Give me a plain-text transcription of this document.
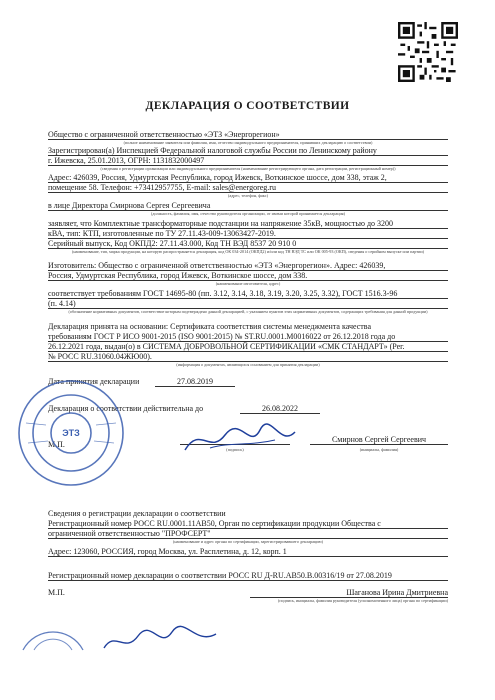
ДЕКЛАРАЦИЯ О СООТВЕТСТВИИ
Общество с ограниченной ответственностью «ЭТЗ «Энергорегион»
(полное наименование заявителя или фамилия, имя, отчество индивидуального предпринимателя, принявших декларацию о соответствии)
Зарегистрирован(а) Инспекцией Федеральной налоговой службы России по Ленинскому району
г. Ижевска, 25.01.2013, ОГРН: 1131832000497
(сведения о регистрации организации или индивидуального предпринимателя (наименование регистрирующего органа, дата регистрации, регистрационный номер))
Адрес: 426039, Россия, Удмуртская Республика, город Ижевск, Воткинское шоссе, дом 338, этаж 2,
помещение 58. Телефон: +73412957755, E-mail: sales@energoreg.ru
(адрес, телефон, факс)
в лице Директора Смирнова Сергея Сергеевича
(должность, фамилия, имя, отчество руководителя организации, от имени которой принимается декларация)
заявляет, что Комплектные трансформаторные подстанции на напряжение 35кВ, мощностью до 3200
кВА, тип: КТП, изготовленные по ТУ 27.11.43-009-13063427-2019.
Серийный выпуск, Код ОКПД2: 27.11.43.000, Код ТН ВЭД 8537 20 910 0
(наименование, тип, марка продукции, на которую распространяется декларация, код ОК 034-2014 (ОКПД2) и/или код ТН ВЭД ТС или ОК 005-93 (ОКП), сведения о серийном выпуске или партии)
Изготовитель: Общество с ограниченной ответственностью «ЭТЗ «Энергорегион». Адрес: 426039,
Россия, Удмуртская Республика, город Ижевск, Воткинское шоссе, дом 338.
(наименование изготовителя, адрес)
соответствует требованиям ГОСТ 14695-80 (пп. 3.12, 3.14, 3.18, 3.19, 3.20, 3.25, 3.32), ГОСТ 1516.3-96
(п. 4.14)
(обозначение нормативных документов, соответствие которым подтверждено данной декларацией, с указанием пунктов этих нормативных документов, содержащих требования для данной продукции)
Декларация принята на основании: Сертификата соответствия системы менеджмента качества
требованиям ГОСТ Р ИСО 9001-2015 (ISO 9001:2015) № ST.RU.0001.M0016022 от 26.12.2018 года до
26.12.2021 года, выдан(о) в СИСТЕМА ДОБРОВОЛЬНОЙ СЕРТИФИКАЦИИ «СМК СТАНДАРТ» (Рег.
№ РОСС RU.31060.04ЖЮ00).
(информация о документах, являющихся основанием для принятия декларации)
Дата принятия декларации	27.08.2019
Декларация о соответствии действительна до	26.08.2022
(подпись)
Смирнов Сергей Сергеевич
(инициалы, фамилия)
М.П.
ЭТЗ
Сведения о регистрации декларации о соответствии
Регистрационный номер РОСС RU.0001.11АВ50, Орган по сертификации продукции Общества с
ограниченной ответственностью "ПРОФСЕРТ"
(наименование и адрес органа по сертификации, зарегистрировавшего декларацию)
Адрес: 123060, РОССИЯ, город Москва, ул. Расплетина, д. 12, корп. 1
Регистрационный номер декларации о соответствии РОСС RU Д-RU.АВ50.В.00316/19 от 27.08.2019
М.П.	Шаганова Ирина Дмитриевна
(подпись, инициалы, фамилия руководителя (уполномоченного лица) органа по сертификации)
